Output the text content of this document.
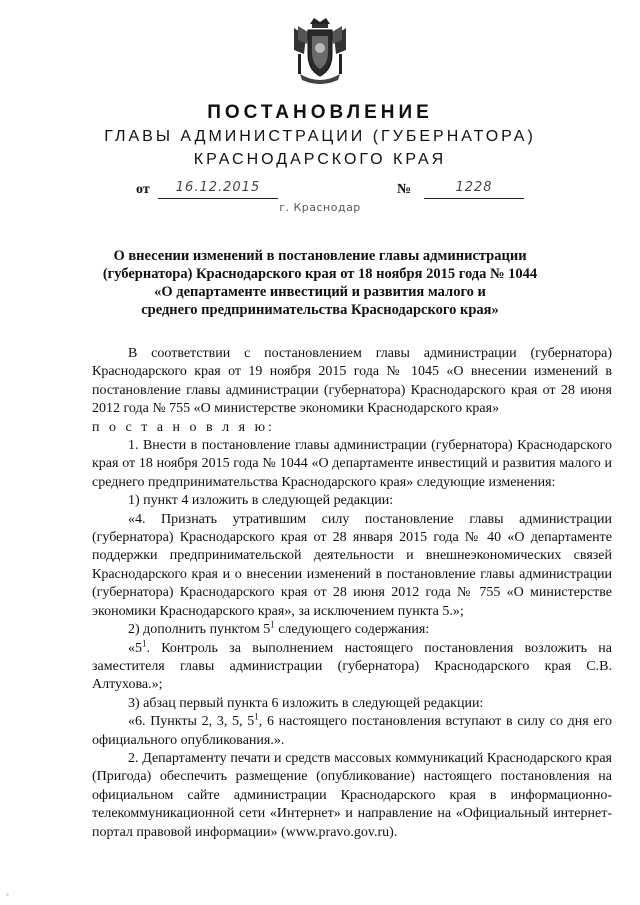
ПОСТАНОВЛЕНИЕ
ГЛАВЫ АДМИНИСТРАЦИИ (ГУБЕРНАТОРА)
КРАСНОДАРСКОГО КРАЯ
от	16.12.2015	№	1228
г. Краснодар
О внесении изменений в постановление главы администрации
(губернатора) Краснодарского края от 18 ноября 2015 года № 1044
«О департаменте инвестиций и развития малого и
среднего предпринимательства Краснодарского края»

В соответствии с постановлением главы администрации (губернатора) Краснодарского края от 19 ноября 2015 года № 1045 «О внесении изменений в постановление главы администрации (губернатора) Краснодарского края от 28 июня 2012 года № 755 «О министерстве экономики Краснодарского края»

п о с т а н о в л я ю:

1. Внести в постановление главы администрации (губернатора) Краснодарского края от 18 ноября 2015 года № 1044 «О департаменте инвестиций и развития малого и среднего предпринимательства Краснодарского края» следующие изменения:

1) пункт 4 изложить в следующей редакции:

«4. Признать утратившим силу постановление главы администрации (губернатора) Краснодарского края от 28 января 2015 года № 40 «О департаменте поддержки предпринимательской деятельности и внешнеэкономических связей Краснодарского края и о внесении изменений в постановление главы администрации (губернатора) Краснодарского края от 28 июня 2012 года № 755 «О министерстве экономики Краснодарского края», за исключением пункта 5.»;

2) дополнить пунктом $5^1$ следующего содержания:

«$5^1$. Контроль за выполнением настоящего постановления возложить на заместителя главы администрации (губернатора) Краснодарского края С.В. Алтухова.»;

3) абзац первый пункта 6 изложить в следующей редакции:

«6. Пункты 2, 3, 5, $5^1$, 6 настоящего постановления вступают в силу со дня его официального опубликования.».

2. Департаменту печати и средств массовых коммуникаций Краснодарского края (Пригода) обеспечить размещение (опубликование) настоящего постановления на официальном сайте администрации Краснодарского края в информационно-телекоммуникационной сети «Интернет» и направление на «Официальный интернет-портал правовой информации» (www.pravo.gov.ru).

◦
